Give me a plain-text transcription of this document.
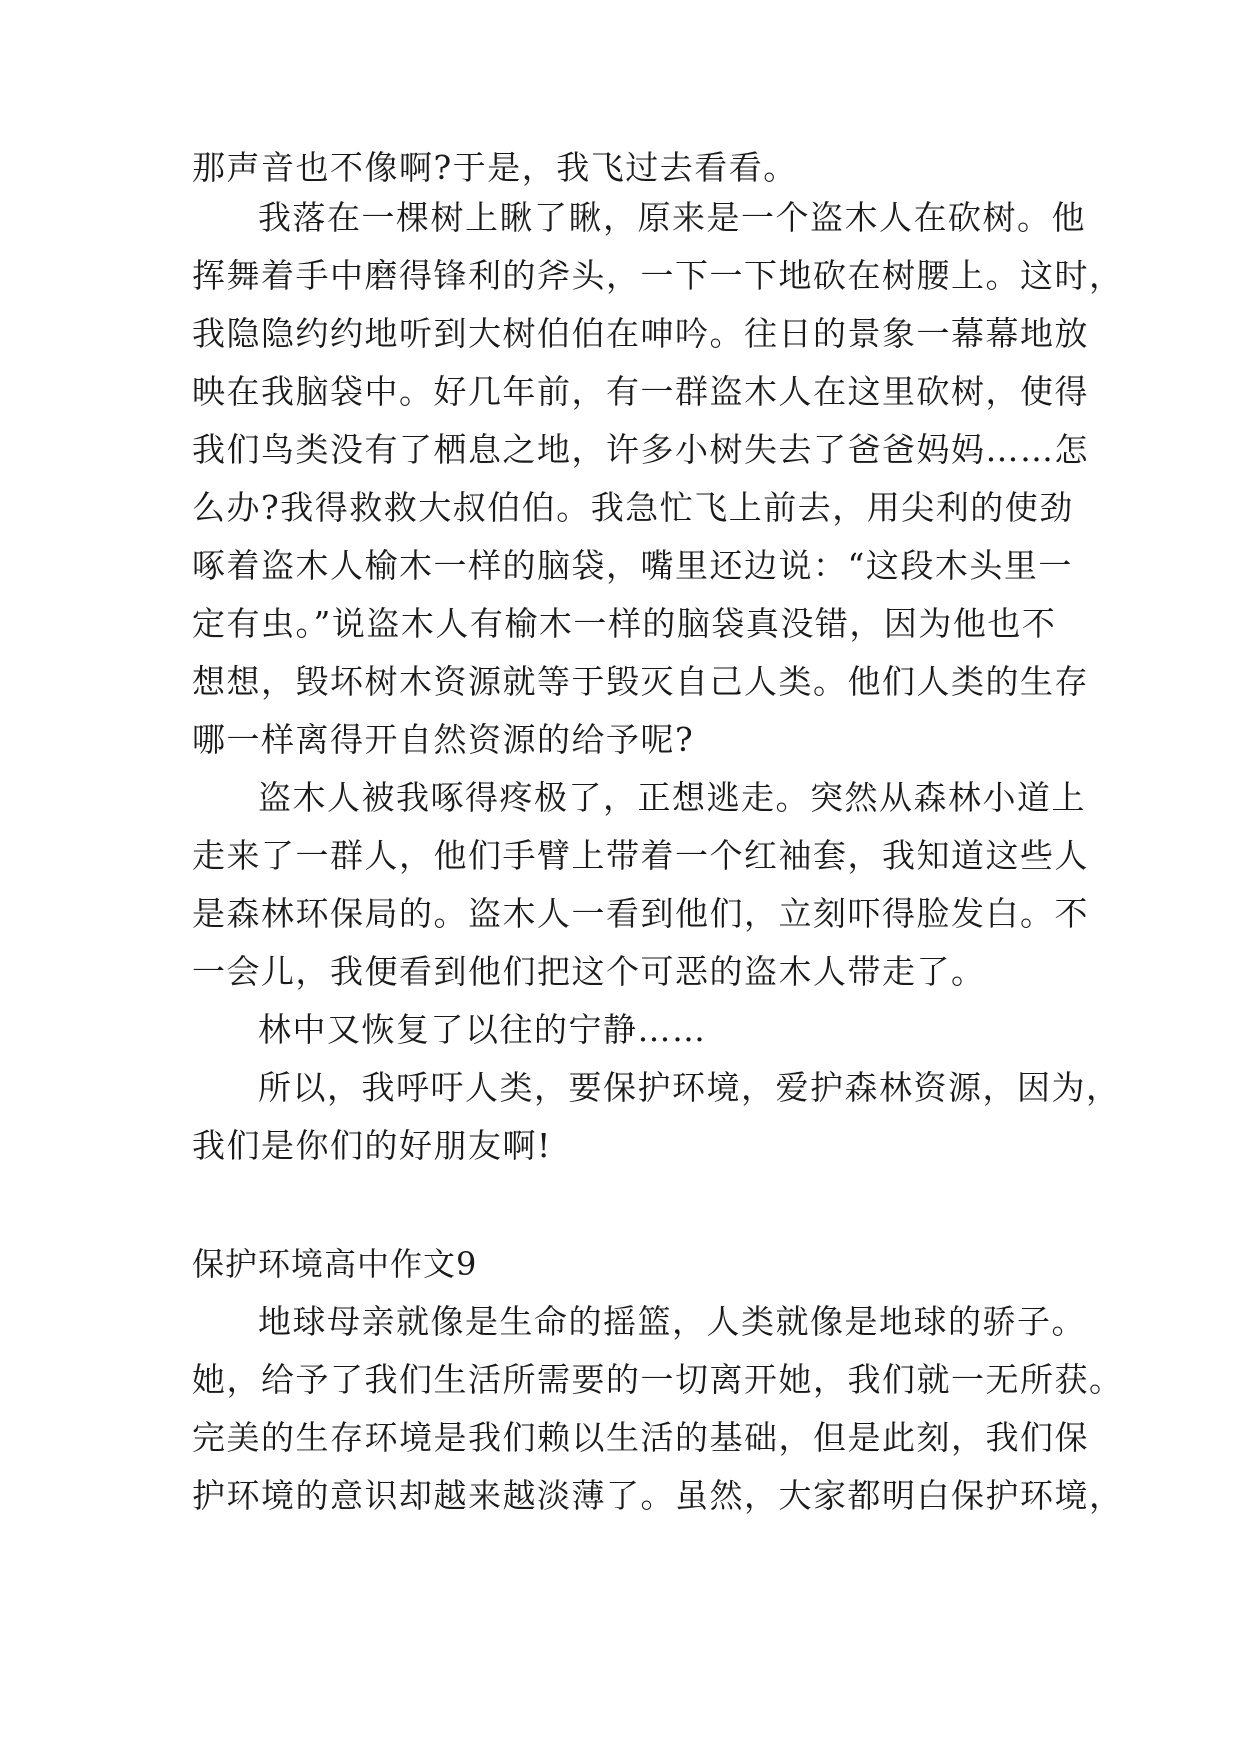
那声音也不像啊?于是，我飞过去看看。
我落在一棵树上瞅了瞅，原来是一个盗木人在砍树。他
挥舞着手中磨得锋利的斧头，一下一下地砍在树腰上。这时，
我隐隐约约地听到大树伯伯在呻吟。往日的景象一幕幕地放
映在我脑袋中。好几年前，有一群盗木人在这里砍树，使得
我们鸟类没有了栖息之地，许多小树失去了爸爸妈妈……怎
么办?我得救救大叔伯伯。我急忙飞上前去，用尖利的使劲
啄着盗木人榆木一样的脑袋，嘴里还边说：“这段木头里一
定有虫。”说盗木人有榆木一样的脑袋真没错，因为他也不
想想，毁坏树木资源就等于毁灭自己人类。他们人类的生存
哪一样离得开自然资源的给予呢?
盗木人被我啄得疼极了，正想逃走。突然从森林小道上
走来了一群人，他们手臂上带着一个红袖套，我知道这些人
是森林环保局的。盗木人一看到他们，立刻吓得脸发白。不
一会儿，我便看到他们把这个可恶的盗木人带走了。
林中又恢复了以往的宁静……
所以，我呼吁人类，要保护环境，爱护森林资源，因为，
我们是你们的好朋友啊!
保护环境高中作文9
地球母亲就像是生命的摇篮，人类就像是地球的骄子。
她，给予了我们生活所需要的一切离开她，我们就一无所获。
完美的生存环境是我们赖以生活的基础，但是此刻，我们保
护环境的意识却越来越淡薄了。虽然，大家都明白保护环境，
